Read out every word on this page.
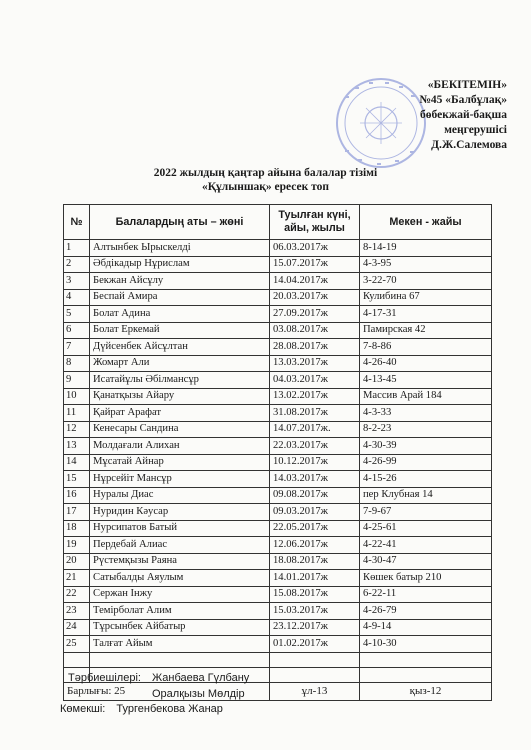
«БЕКІТЕМІН»
№45 «Балбұлақ»
бөбекжай-бақша
меңгерушісі
Д.Ж.Салемова
2022 жылдың қаңтар айына балалар тізімі
«Құлыншақ» ересек топ
№	Балалардың аты – жөні	Туылған күні, айы, жылы	Мекен - жайы
1	Алтынбек Ырыскелді	06.03.2017ж	8-14-19
2	Әбдікадыр Нұрислам	15.07.2017ж	4-3-95
3	Бекжан Айсұлу	14.04.2017ж	3-22-70
4	Беспай Амира	20.03.2017ж	Кулибина 67
5	Болат Адина	27.09.2017ж	4-17-31
6	Болат Еркемай	03.08.2017ж	Памирская 42
7	Дүйсенбек Айсұлтан	28.08.2017ж	7-8-86
8	Жомарт Али	13.03.2017ж	4-26-40
9	Исатайұлы Әбілмансұр	04.03.2017ж	4-13-45
10	Қанатқызы Айару	13.02.2017ж	Массив Арай 184
11	Қайрат Арафат	31.08.2017ж	4-3-33
12	Кенесары Сандина	14.07.2017ж.	8-2-23
13	Молдағали Алихан	22.03.2017ж	4-30-39
14	Мұсатай Айнар	10.12.2017ж	4-26-99
15	Нұрсейіт Мансұр	14.03.2017ж	4-15-26
16	Нуралы Диас	09.08.2017ж	пер Клубная 14
17	Нуридин Кәусар	09.03.2017ж	7-9-67
18	Нурсипатов Батый	22.05.2017ж	4-25-61
19	Пердебай Алиас	12.06.2017ж	4-22-41
20	Рүстемқызы Раяна	18.08.2017ж	4-30-47
21	Сатыбалды Аяулым	14.01.2017ж	Көшек батыр 210
22	Сержан Інжу	15.08.2017ж	6-22-11
23	Темірболат Алим	15.03.2017ж	4-26-79
24	Тұрсынбек Айбатыр	23.12.2017ж	4-9-14
25	Талғат Айым	01.02.2017ж	4-10-30

Барлығы: 25		ұл-13	қыз-12
Тәрбиешілері: Жанбаева Гүлбану
Оралқызы Мөлдір
Көмекші: Тургенбекова Жанар
